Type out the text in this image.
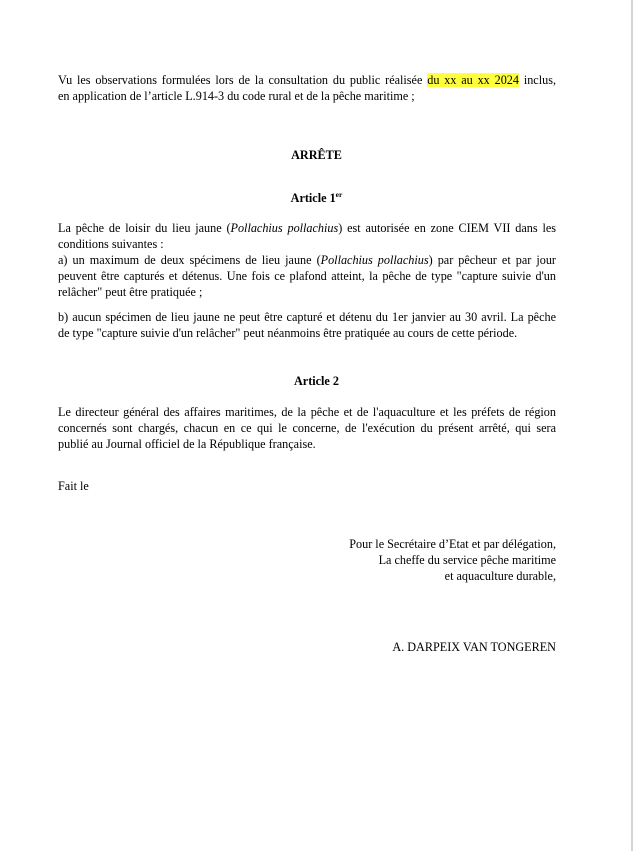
Vu les observations formulées lors de la consultation du public réalisée du xx au xx 2024 inclus,
en application de l’article L.914-3 du code rural et de la pêche maritime ;

ARRÊTE

Article 1er

La pêche de loisir du lieu jaune (Pollachius pollachius) est autorisée en zone CIEM VII dans les
conditions suivantes :
a) un maximum de deux spécimens de lieu jaune (Pollachius pollachius) par pêcheur et par jour
peuvent être capturés et détenus. Une fois ce plafond atteint, la pêche de type "capture suivie d'un
relâcher" peut être pratiquée ;
b) aucun spécimen de lieu jaune ne peut être capturé et détenu du 1er janvier au 30 avril. La pêche
de type "capture suivie d'un relâcher" peut néanmoins être pratiquée au cours de cette période.

Article 2

Le directeur général des affaires maritimes, de la pêche et de l'aquaculture et les préfets de région
concernés sont chargés, chacun en ce qui le concerne, de l'exécution du présent arrêté, qui sera
publié au Journal officiel de la République française.
Fait le
Pour le Secrétaire d’Etat et par délégation,
La cheffe du service pêche maritime
et aquaculture durable,
A. DARPEIX VAN TONGEREN
